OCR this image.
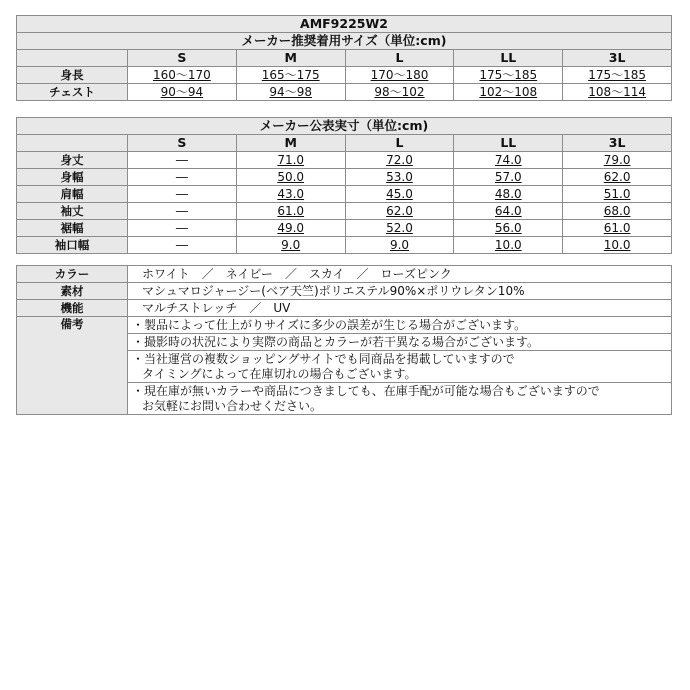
AMF9225W2					
メーカー推奨着用サイズ（単位:cm)					
	S	M	L	LL	3L
身長	160～170	165～175	170～180	175～185	175～185
チェスト	90～94	94～98	98～102	102～108	108～114
メーカー公表実寸（単位:cm)					
	S	M	L	LL	3L
身丈	―	71.0	72.0	74.0	79.0
身幅	―	50.0	53.0	57.0	62.0
肩幅	―	43.0	45.0	48.0	51.0
袖丈	―	61.0	62.0	64.0	68.0
裾幅	―	49.0	52.0	56.0	61.0
袖口幅	―	9.0	9.0	10.0	10.0
カラー	ホワイト　／　ネイビー　／　スカイ　／　ローズピンク
素材	マシュマロジャージー(ベア天竺)ポリエステル90%×ポリウレタン10%
機能	マルチストレッチ　／　UV
備考	・製品によって仕上がりサイズに多少の誤差が生じる場合がございます。

	・撮影時の状況により実際の商品とカラーが若干異なる場合がございます。

	・当社運営の複数ショッピングサイトでも同商品を掲載していますので
タイミングによって在庫切れの場合もございます。

	・現在庫が無いカラーや商品につきましても、在庫手配が可能な場合もございますので
お気軽にお問い合わせください。
